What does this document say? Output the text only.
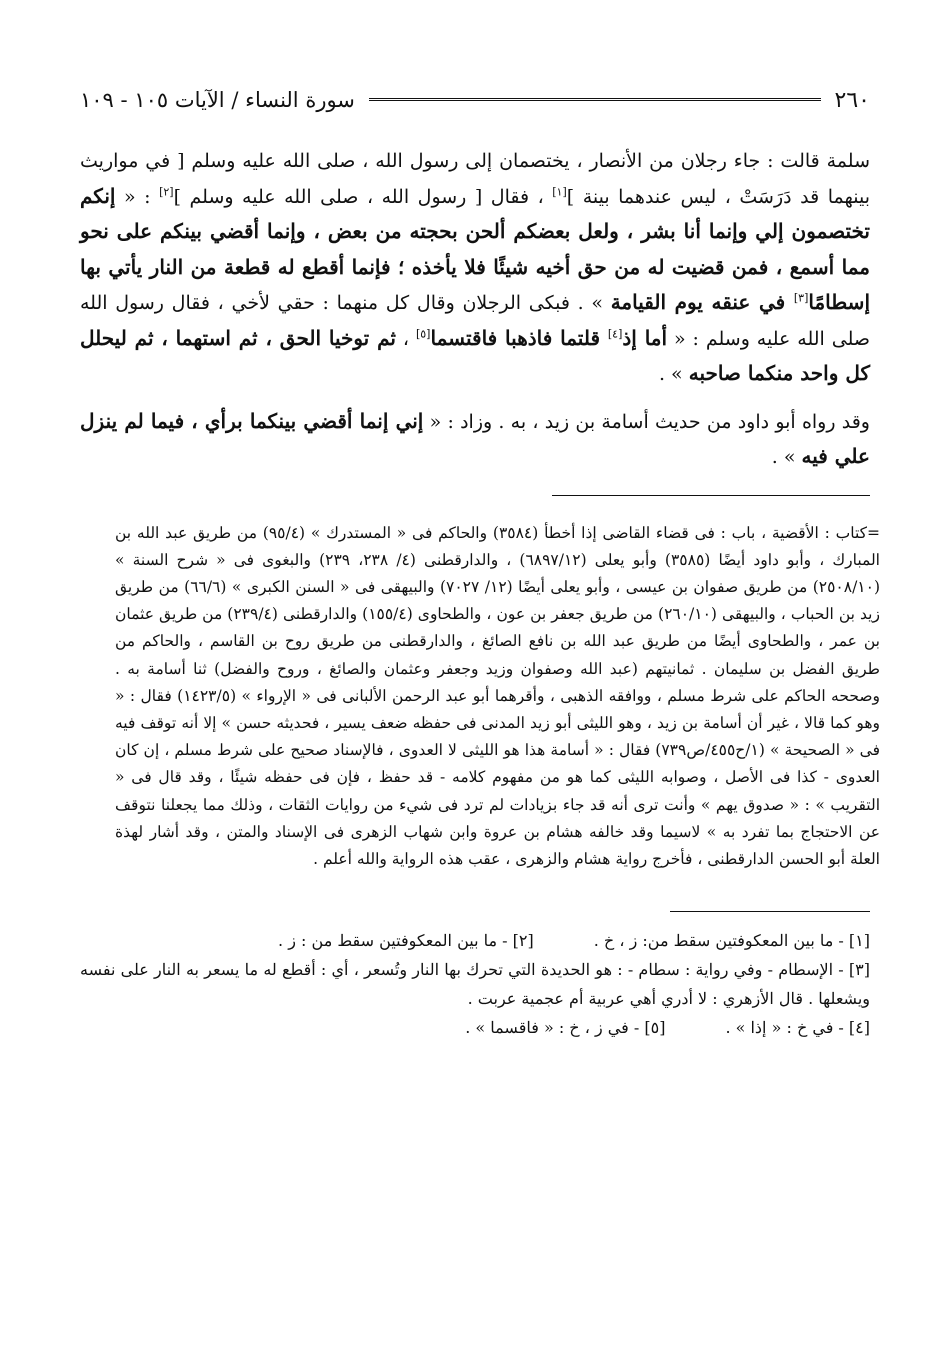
٢٦٠
سورة النساء / الآيات ١٠٥ - ١٠٩

سلمة قالت : جاء رجلان من الأنصار ، يختصمان إلى رسول الله ، صلى الله عليه وسلم [ في مواريث بينهما قد دَرَسَتْ ، ليس عندهما بينة ][١] ، فقال [ رسول الله ، صلى الله عليه وسلم ][٢] : « إنكم تختصمون إلي وإنما أنا بشر ، ولعل بعضكم ألحن بحجته من بعض ، وإنما أقضي بينكم على نحو مما أسمع ، فمن قضيت له من حق أخيه شيئًا فلا يأخذه ؛ فإنما أقطع له قطعة من النار يأتي بها إسطامًا[٣] في عنقه يوم القيامة » . فبكى الرجلان وقال كل منهما : حقي لأخي ، فقال رسول الله صلى الله عليه وسلم : « أما إذ[٤] قلتما فاذهبا فاقتسما[٥] ، ثم توخيا الحق ، ثم استهما ، ثم ليحلل كل واحد منكما صاحبه » .

وقد رواه أبو داود من حديث أسامة بن زيد ، به . وزاد : « إني إنما أقضي بينكما برأي ، فيما لم ينزل علي فيه » .

=كتاب : الأقضية ، باب : فى قضاء القاضى إذا أخطأ (٣٥٨٤) والحاكم فى « المستدرك » (٩٥/٤) من طريق عبد الله بن المبارك ، وأبو داود أيضًا (٣٥٨٥) وأبو يعلى (٦٨٩٧/١٢) ، والدارقطنى (٤/ ٢٣٨، ٢٣٩) والبغوى فى « شرح السنة » (٢٥٠٨/١٠) من طريق صفوان بن عيسى ، وأبو يعلى أيضًا (١٢/ ٧٠٢٧) والبيهقى فى « السنن الكبرى » (٦٦/٦) من طريق زيد بن الحباب ، والبيهقى (٢٦٠/١٠) من طريق جعفر بن عون ، والطحاوى (١٥٥/٤) والدارقطنى (٢٣٩/٤) من طريق عثمان بن عمر ، والطحاوى أيضًا من طريق عبد الله بن نافع الصائغ ، والدارقطنى من طريق روح بن القاسم ، والحاكم من طريق الفضل بن سليمان . ثمانيتهم (عبد الله وصفوان وزيد وجعفر وعثمان والصائغ ، وروح والفضل) ثنا أسامة به . وصححه الحاكم على شرط مسلم ، ووافقه الذهبى ، وأقرهما أبو عبد الرحمن الألبانى فى « الإرواء » (١٤٢٣/٥) فقال : « وهو كما قالا ، غير أن أسامة بن زيد ، وهو الليثى أبو زيد المدنى فى حفظه ضعف يسير ، فحديثه حسن » إلا أنه توقف فيه فى « الصحيحة » (١/ح٤٥٥/ص٧٣٩) فقال : « أسامة هذا هو الليثى لا العدوى ، فالإسناد صحيح على شرط مسلم ، إن كان العدوى - كذا فى الأصل ، وصوابه الليثى كما هو من مفهوم كلامه - قد حفظ ، فإن فى حفظه شيئًا ، وقد قال فى « التقريب » : « صدوق يهم » وأنت ترى أنه قد جاء بزيادات لم ترد فى شيء من روايات الثقات ، وذلك مما يجعلنا نتوقف عن الاحتجاج بما تفرد به » لاسيما وقد خالفه هشام بن عروة وابن شهاب الزهرى فى الإسناد والمتن ، وقد أشار لهذة العلة أبو الحسن الدارقطنى ، فأخرج رواية هشام والزهرى ، عقب هذه الرواية والله أعلم .
[١] - ما بين المعكوفتين سقط من: ز ، خ .
[٢] - ما بين المعكوفتين سقط من : ز .
[٣] - الإسطام - وفي رواية : سطام - : هو الحديدة التي تحرك بها النار وتُسعر ، أي : أقطع له ما يسعر به النار على نفسه ويشعلها . قال الأزهري : لا أدري أهي عربية أم عجمية عربت .
[٤] - في خ : « إذا » .
[٥] - في ز ، خ : « فاقسما » .
